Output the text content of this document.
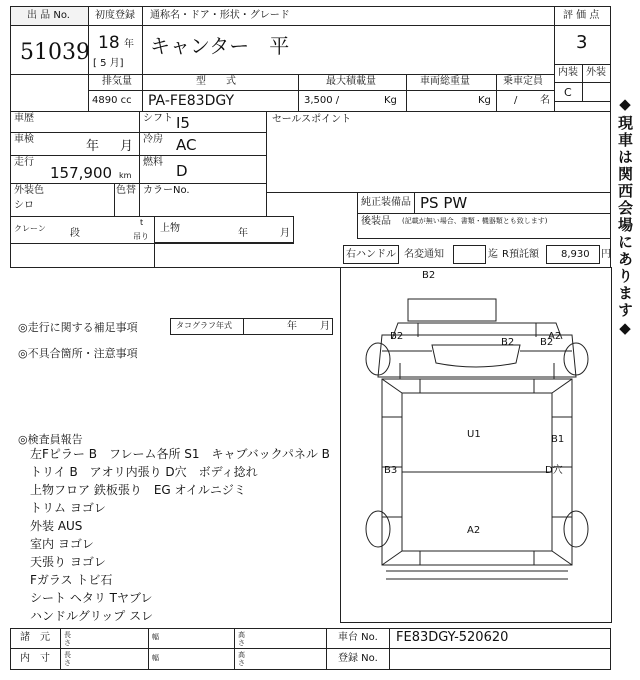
出 品 No.
51039
初度登録
18 年
[ 5 月]
通称名・ドア・形状・グレード
キャンター　平
評 価 点
3
内装 外装
C
排気量
4890 cc
型　　式
PA-FE83DGY
最大積載量
3,500 /	Kg
車両総重量
Kg
乗車定員
/ 名
車歴	シフト I5
車検	年 月 冷房 AC
走行
157,900 km
燃料 D
外装色
シロ
色替 カラーNo.
セールスポイント
純正装備品 PS PW
後装品 (記載が無い場合、書類・機器類とも致します)
クレーン 段
t
吊り
上物	年	月
右ハンドル 名変通知	迄 R預託額 8,930 円
◎走行に関する補足事項	タコグラフ年式	年 月
◎不具合箇所・注意事項
◎検査員報告
左Fピラー B　フレーム各所 S1　キャブバックパネル B
トリイ B　アオリ内張り D穴　ボディ捻れ
上物フロア 鉄板張り　EG オイルニジミ
トリム ヨゴレ
外装 AUS
室内 ヨゴレ
天張り ヨゴレ
Fガラス トビ石
シート ヘタリ Tヤブレ
ハンドルグリップ スレ
B2
B2	B2
B2	A2
U1	B1
B3	D穴
A2
◆現車は関西会場にあります◆
諸　元
内　寸
長さ
長さ
幅
幅
高さ
高さ
車台 No. FE83DGY-520620
登録 No.
